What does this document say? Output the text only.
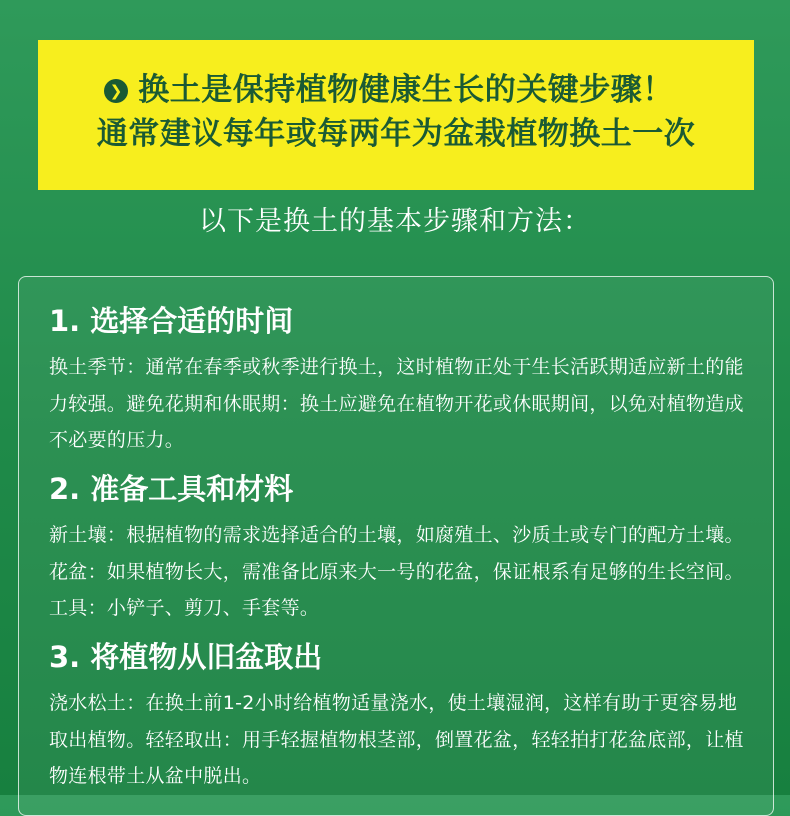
❯ 换土是保持植物健康生长的关键步骤！
通常建议每年或每两年为盆栽植物换土一次
以下是换土的基本步骤和方法：
1. 选择合适的时间
换土季节：通常在春季或秋季进行换土，这时植物正处于生长活跃期适应新土的能力较强。避免花期和休眠期：换土应避免在植物开花或休眠期间，以免对植物造成不必要的压力。
2. 准备工具和材料
新土壤：根据植物的需求选择适合的土壤，如腐殖土、沙质土或专门的配方土壤。花盆：如果植物长大，需准备比原来大一号的花盆，保证根系有足够的生长空间。工具：小铲子、剪刀、手套等。
3. 将植物从旧盆取出
浇水松土：在换土前1-2小时给植物适量浇水，使土壤湿润，这样有助于更容易地取出植物。轻轻取出：用手轻握植物根茎部，倒置花盆，轻轻拍打花盆底部，让植物连根带土从盆中脱出。
